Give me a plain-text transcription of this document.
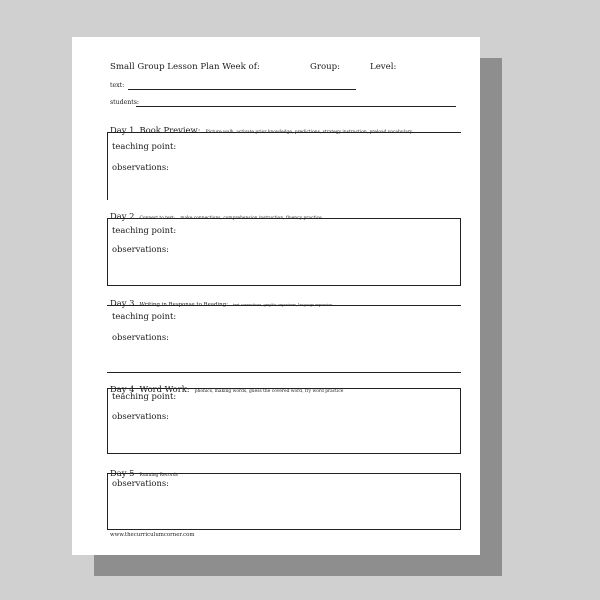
Small Group Lesson Plan Week of:	Group:	Level:
text:
students:
Day 1 Book Preview: Picture walk, activate prior knowledge, predictions, strategy instruction, preload vocabulary
teaching point:
observations:
Day 2 Connect to text: make connections, comprehension instruction, fluency practice
teaching point:
observations:
Day 3 Writing in Response to Reading: text connections, graphic organizers, language expansion
teaching point:
observations:
Day 4 Word Work: phonics, making words, guess the covered word, fry word practice
teaching point:
observations:
Day 5 Running Records
observations:
www.thecurriculumcorner.com
